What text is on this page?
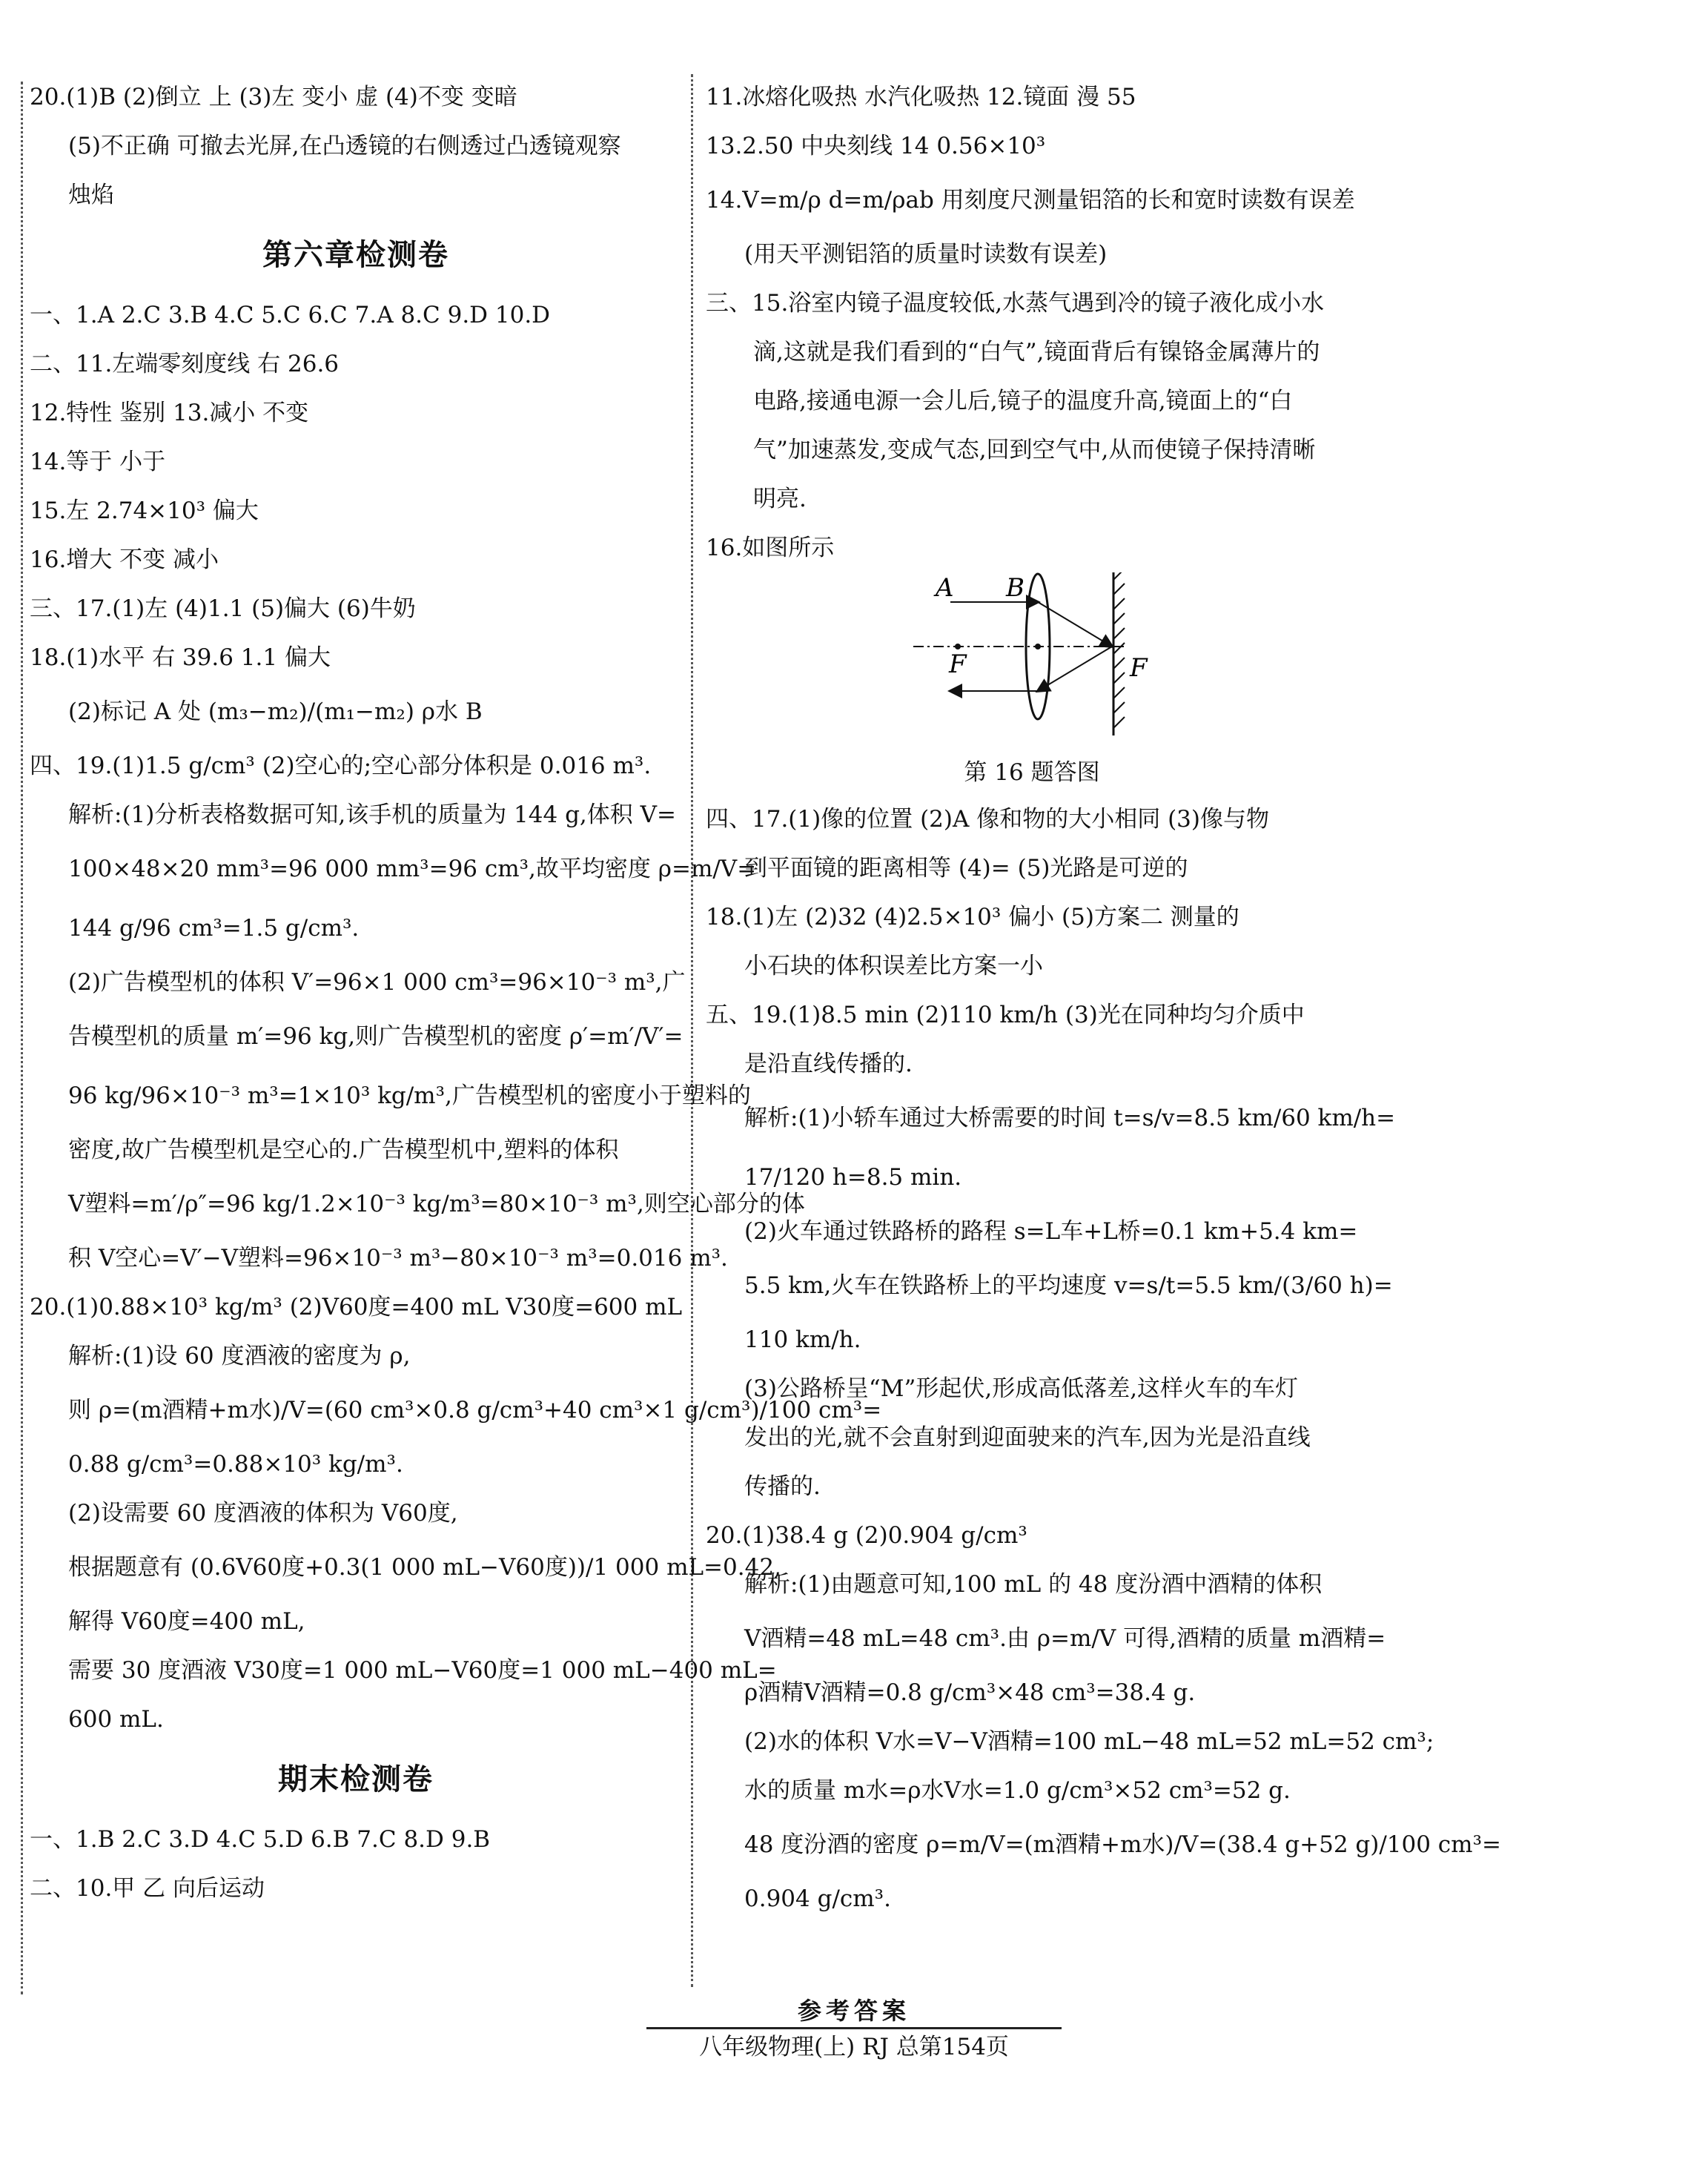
20.(1)B (2)倒立 上 (3)左 变小 虚 (4)不变 变暗
(5)不正确 可撤去光屏,在凸透镜的右侧透过凸透镜观察
烛焰
第六章检测卷
一、1.A 2.C 3.B 4.C 5.C 6.C 7.A 8.C 9.D 10.D
二、11.左端零刻度线 右 26.6
12.特性 鉴别 13.减小 不变
14.等于 小于
15.左 2.74×10³ 偏大
16.增大 不变 减小
三、17.(1)左 (4)1.1 (5)偏大 (6)牛奶
18.(1)水平 右 39.6 1.1 偏大
(2)标记 A 处 (m₃−m₂)/(m₁−m₂) ρ水 B
四、19.(1)1.5 g/cm³ (2)空心的;空心部分体积是 0.016 m³.
解析:(1)分析表格数据可知,该手机的质量为 144 g,体积 V=
100×48×20 mm³=96 000 mm³=96 cm³,故平均密度 ρ=m/V=
144 g/96 cm³=1.5 g/cm³.
(2)广告模型机的体积 V′=96×1 000 cm³=96×10⁻³ m³,广
告模型机的质量 m′=96 kg,则广告模型机的密度 ρ′=m′/V′=
96 kg/96×10⁻³ m³=1×10³ kg/m³,广告模型机的密度小于塑料的
密度,故广告模型机是空心的.广告模型机中,塑料的体积
V塑料=m′/ρ″=96 kg/1.2×10⁻³ kg/m³=80×10⁻³ m³,则空心部分的体
积 V空心=V′−V塑料=96×10⁻³ m³−80×10⁻³ m³=0.016 m³.
20.(1)0.88×10³ kg/m³ (2)V60度=400 mL V30度=600 mL
解析:(1)设 60 度酒液的密度为 ρ,
则 ρ=(m酒精+m水)/V=(60 cm³×0.8 g/cm³+40 cm³×1 g/cm³)/100 cm³=
0.88 g/cm³=0.88×10³ kg/m³.
(2)设需要 60 度酒液的体积为 V60度,
根据题意有 (0.6V60度+0.3(1 000 mL−V60度))/1 000 mL=0.42,
解得 V60度=400 mL,
需要 30 度酒液 V30度=1 000 mL−V60度=1 000 mL−400 mL=
600 mL.
期末检测卷
一、1.B 2.C 3.D 4.C 5.D 6.B 7.C 8.D 9.B
二、10.甲 乙 向后运动
11.冰熔化吸热 水汽化吸热 12.镜面 漫 55
13.2.50 中央刻线 14 0.56×10³
14.V=m/ρ d=m/ρab 用刻度尺测量铝箔的长和宽时读数有误差
(用天平测铝箔的质量时读数有误差)
三、15.浴室内镜子温度较低,水蒸气遇到冷的镜子液化成小水
滴,这就是我们看到的“白气”,镜面背后有镍铬金属薄片的
电路,接通电源一会儿后,镜子的温度升高,镜面上的“白
气”加速蒸发,变成气态,回到空气中,从而使镜子保持清晰
明亮.
16.如图所示
A B
F	F
第 16 题答图
四、17.(1)像的位置 (2)A 像和物的大小相同 (3)像与物
到平面镜的距离相等 (4)= (5)光路是可逆的
18.(1)左 (2)32 (4)2.5×10³ 偏小 (5)方案二 测量的
小石块的体积误差比方案一小
五、19.(1)8.5 min (2)110 km/h (3)光在同种均匀介质中
是沿直线传播的.
解析:(1)小轿车通过大桥需要的时间 t=s/v=8.5 km/60 km/h=
17/120 h=8.5 min.
(2)火车通过铁路桥的路程 s=L车+L桥=0.1 km+5.4 km=
5.5 km,火车在铁路桥上的平均速度 v=s/t=5.5 km/(3/60 h)=
110 km/h.
(3)公路桥呈“M”形起伏,形成高低落差,这样火车的车灯
发出的光,就不会直射到迎面驶来的汽车,因为光是沿直线
传播的.
20.(1)38.4 g (2)0.904 g/cm³
解析:(1)由题意可知,100 mL 的 48 度汾酒中酒精的体积
V酒精=48 mL=48 cm³.由 ρ=m/V 可得,酒精的质量 m酒精=
ρ酒精V酒精=0.8 g/cm³×48 cm³=38.4 g.
(2)水的体积 V水=V−V酒精=100 mL−48 mL=52 mL=52 cm³;
水的质量 m水=ρ水V水=1.0 g/cm³×52 cm³=52 g.
48 度汾酒的密度 ρ=m/V=(m酒精+m水)/V=(38.4 g+52 g)/100 cm³=
0.904 g/cm³.
参考答案
八年级物理(上) RJ 总第154页
